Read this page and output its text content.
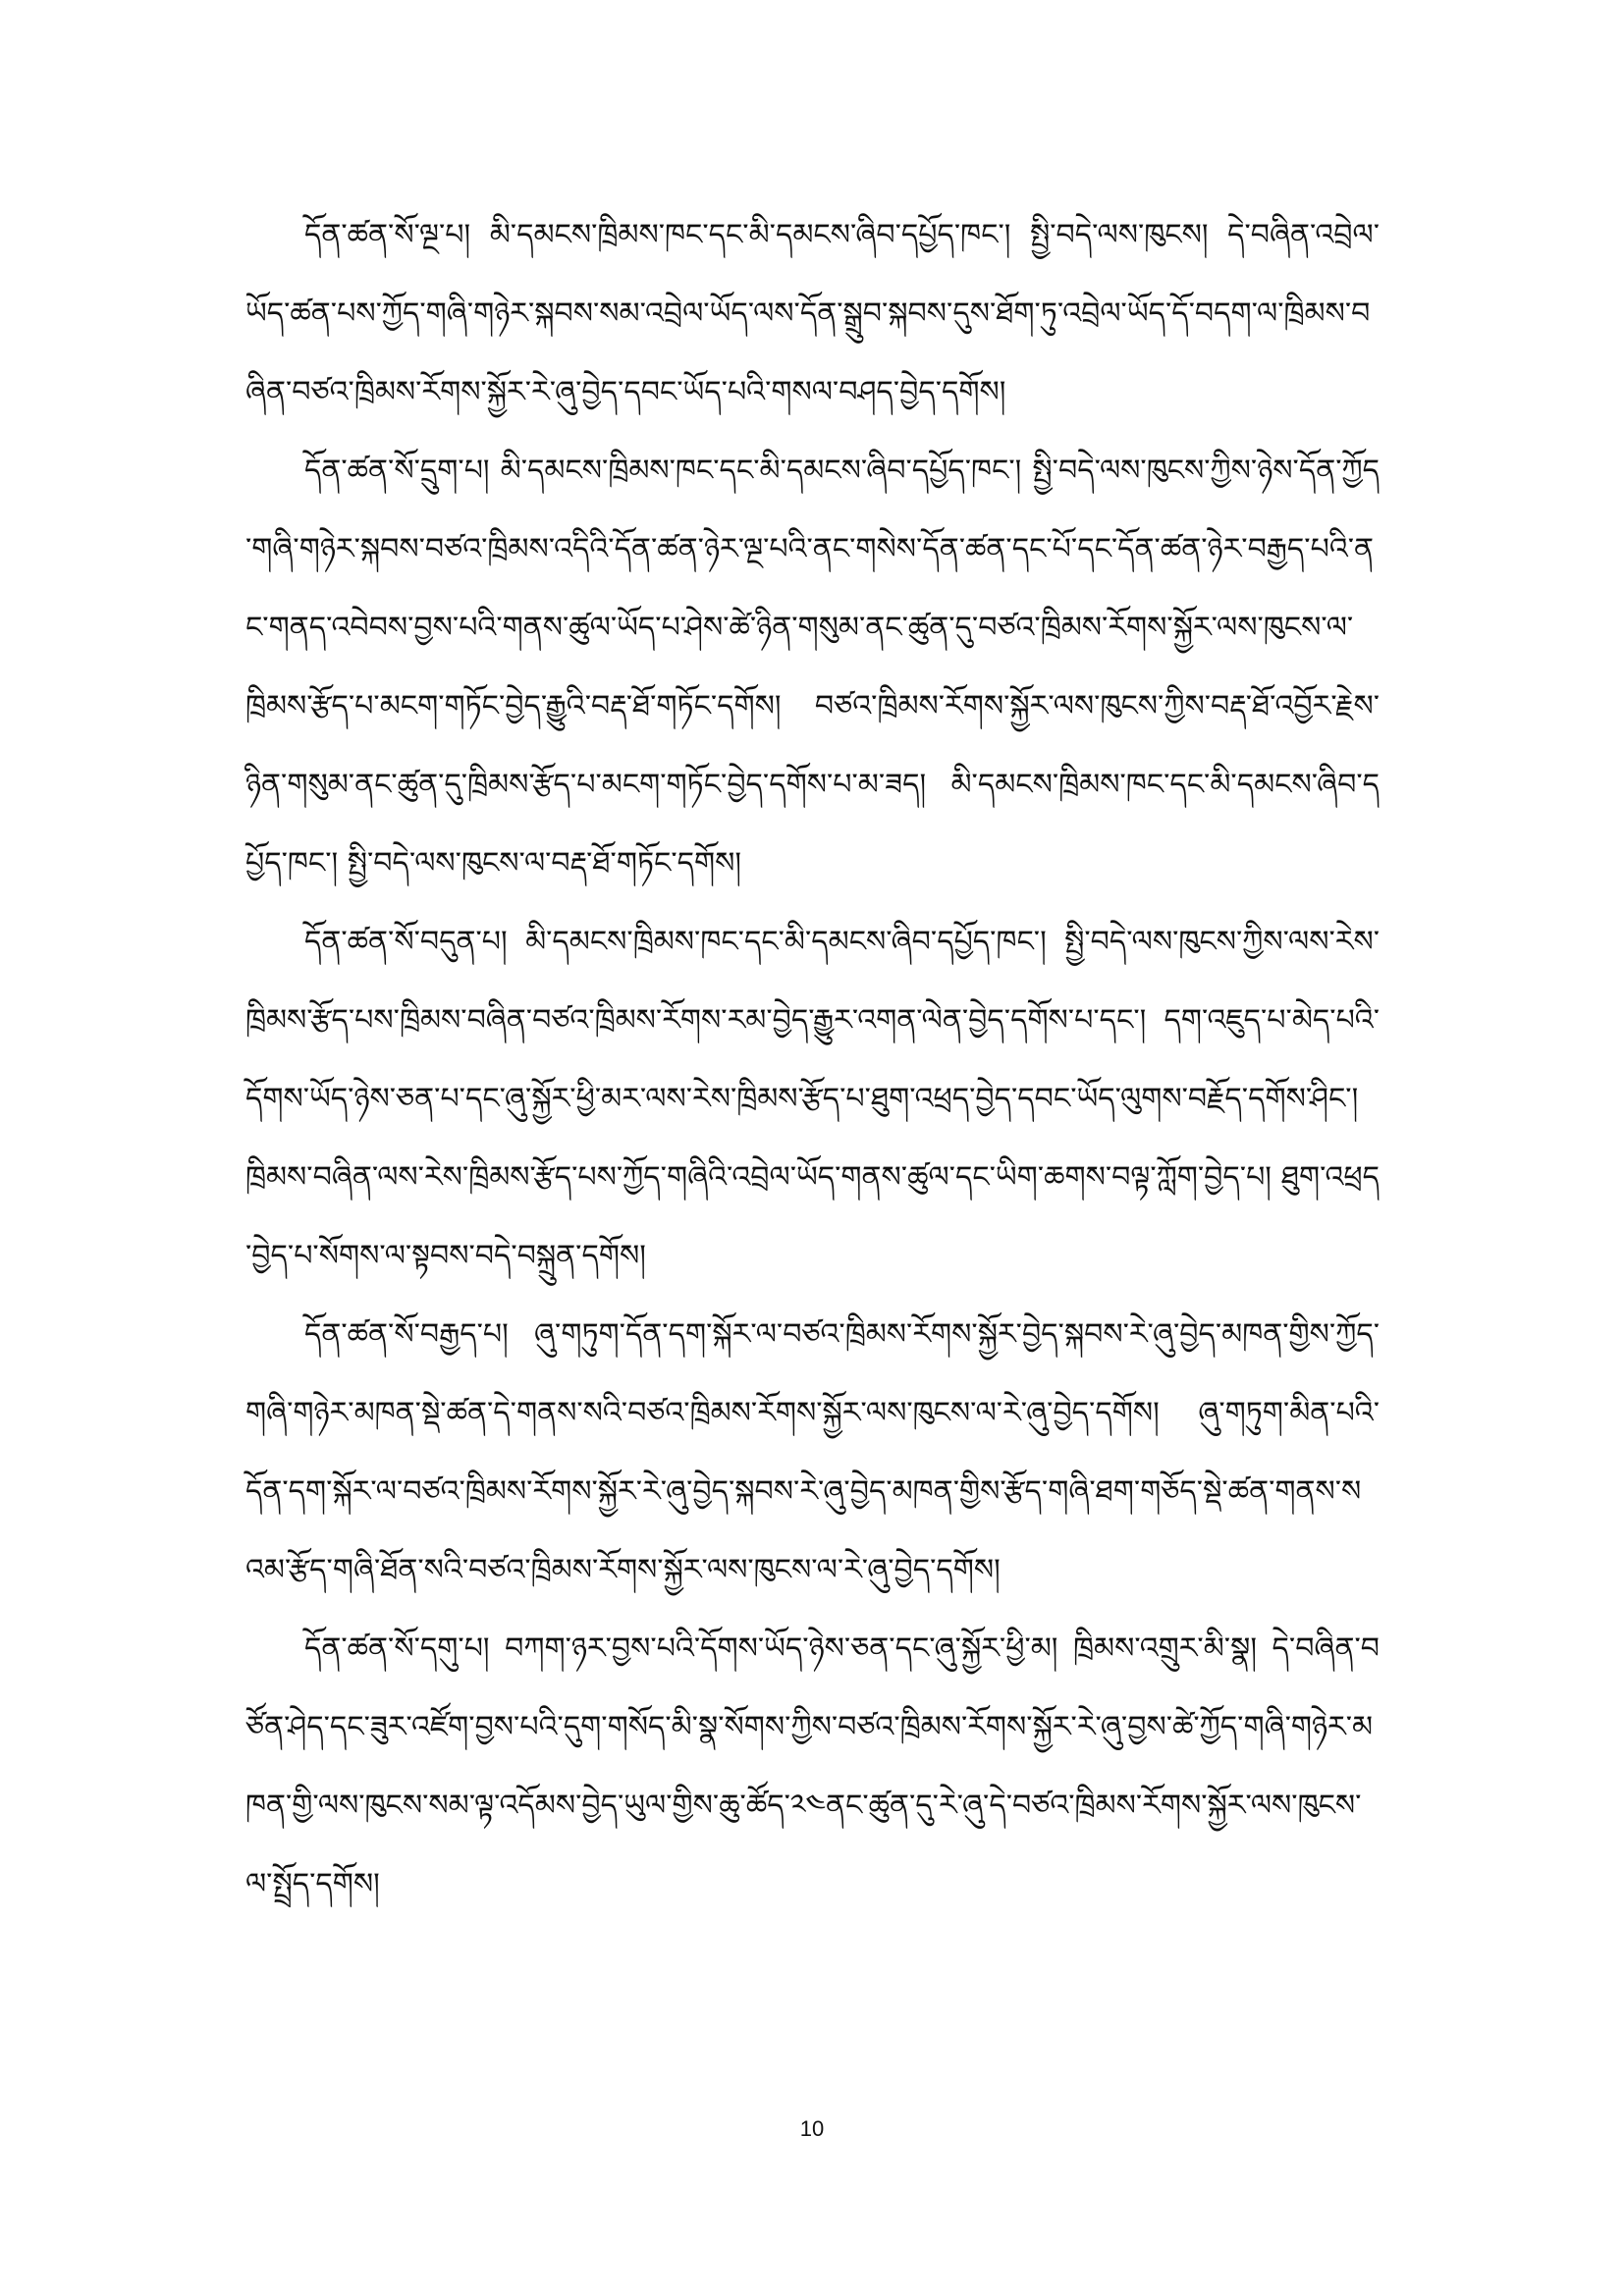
དོན་ཚན་སོ་ལྔ་པ། མི་དམངས་ཁྲིམས་ཁང་དང་མི་དམངས་ཞིབ་དཔྱོད་ཁང་། སྤྱི་བདེ་ལས་ཁུངས། དེ་བཞིན་འབྲེལ་ཡོད་ཚན་པས་ཀྱོད་གཞི་གཉེར་སྐབས་སམ་འབྲེལ་ཡོད་ལས་དོན་སྒྲུབ་སྐབས་དུས་ཐོག་ཏུ་འབྲེལ་ཡོད་དོ་བདག་ལ་ཁྲིམས་བཞིན་བཙའ་ཁྲིམས་རོགས་སྐྱོར་རེ་ཞུ་བྱེད་དབང་ཡོད་པའི་གསལ་བཤད་བྱེད་དགོས།

དོན་ཚན་སོ་དྲུག་པ། མི་དམངས་ཁྲིམས་ཁང་དང་མི་དམངས་ཞིབ་དཔྱོད་ཁང་། སྤྱི་བདེ་ལས་ཁུངས་ཀྱིས་ཉེས་དོན་ཀྱོད་གཞི་གཉེར་སྐབས་བཙའ་ཁྲིམས་འདིའི་དོན་ཚན་ཉེར་ལྔ་པའི་ནང་གསེས་དོན་ཚན་དང་པོ་དང་དོན་ཚན་ཉེར་བརྒྱད་པའི་ནང་གནད་འབེབས་བྱས་པའི་གནས་ཚུལ་ཡོད་པ་ཤེས་ཚེ་ཉིན་གསུམ་ནང་ཚུན་དུ་བཙའ་ཁྲིམས་རོགས་སྐྱོར་ལས་ཁུངས་ལ་ཁྲིམས་རྩོད་པ་མངག་གཏོང་བྱེད་རྒྱུའི་བརྡ་ཐོ་གཏོང་དགོས། བཙའ་ཁྲིམས་རོགས་སྐྱོར་ལས་ཁུངས་ཀྱིས་བརྡ་ཐོ་འབྱོར་རྗེས་ཉིན་གསུམ་ནང་ཚུན་དུ་ཁྲིམས་རྩོད་པ་མངག་གཏོང་བྱེད་དགོས་པ་མ་ཟད། མི་དམངས་ཁྲིམས་ཁང་དང་མི་དམངས་ཞིབ་དཔྱོད་ཁང་། སྤྱི་བདེ་ལས་ཁུངས་ལ་བརྡ་ཐོ་གཏོང་དགོས།

དོན་ཚན་སོ་བདུན་པ། མི་དམངས་ཁྲིམས་ཁང་དང་མི་དམངས་ཞིབ་དཔྱོད་ཁང་། སྤྱི་བདེ་ལས་ཁུངས་ཀྱིས་ལས་རེས་ཁྲིམས་རྩོད་པས་ཁྲིམས་བཞིན་བཙའ་ཁྲིམས་རོགས་རམ་བྱེད་རྒྱུར་འགན་ལེན་བྱེད་དགོས་པ་དང་། དག་འཇུད་པ་མེད་པའི་དོགས་ཡོད་ཉེས་ཅན་པ་དང་ཞུ་སྐྱོར་ཕྱི་མར་ལས་རེས་ཁྲིམས་རྩོད་པ་ཐུག་འཕྲད་བྱེད་དབང་ཡོད་ལུགས་བརྗོད་དགོས་ཤིང་། ཁྲིམས་བཞིན་ལས་རེས་ཁྲིམས་རྩོད་པས་ཀྱོད་གཞིའི་འབྲེལ་ཡོད་གནས་ཚུལ་དང་ཡིག་ཆགས་བལྟ་ཀློག་བྱེད་པ། ཐུག་འཕྲད་བྱེད་པ་སོགས་ལ་སྟབས་བདེ་བསྐྲུན་དགོས།

དོན་ཚན་སོ་བརྒྱད་པ། ཞུ་གཏུག་དོན་དག་སྐོར་ལ་བཙའ་ཁྲིམས་རོགས་སྐྱོར་བྱེད་སྐབས་རེ་ཞུ་བྱེད་མཁན་གྱིས་ཀྱོད་གཞི་གཉེར་མཁན་སྡེ་ཚན་དེ་གནས་སའི་བཙའ་ཁྲིམས་རོགས་སྐྱོར་ལས་ཁུངས་ལ་རེ་ཞུ་བྱེད་དགོས། ཞུ་གཏུག་མིན་པའི་དོན་དག་སྐོར་ལ་བཙའ་ཁྲིམས་རོགས་སྐྱོར་རེ་ཞུ་བྱེད་སྐབས་རེ་ཞུ་བྱེད་མཁན་གྱིས་རྩོད་གཞི་ཐག་གཅོད་སྡེ་ཚན་གནས་སའམ་རྩོད་གཞི་ཐོན་སའི་བཙའ་ཁྲིམས་རོགས་སྐྱོར་ལས་ཁུངས་ལ་རེ་ཞུ་བྱེད་དགོས།

དོན་ཚན་སོ་དགུ་པ། བཀག་ཉར་བྱས་པའི་དོགས་ཡོད་ཉེས་ཅན་དང་ཞུ་སྐྱོར་ཕྱི་མ། ཁྲིམས་འགྲུར་མི་སྣ། དེ་བཞིན་བཙོན་ཤེད་དང་ཟུར་འཛོག་བྱས་པའི་དུག་གསོད་མི་སྣ་སོགས་ཀྱིས་བཙའ་ཁྲིམས་རོགས་སྐྱོར་རེ་ཞུ་བྱས་ཚེ་ཀྱོད་གཞི་གཉེར་མཁན་གྱི་ལས་ཁུངས་སམ་ལྟ་འདོམས་བྱེད་ཡུལ་གྱིས་ཆུ་ཚོད་༢༤ནང་ཚུན་དུ་རེ་ཞུ་དེ་བཙའ་ཁྲིམས་རོགས་སྐྱོར་ལས་ཁུངས་ལ་སྤྲོད་དགོས།

10
